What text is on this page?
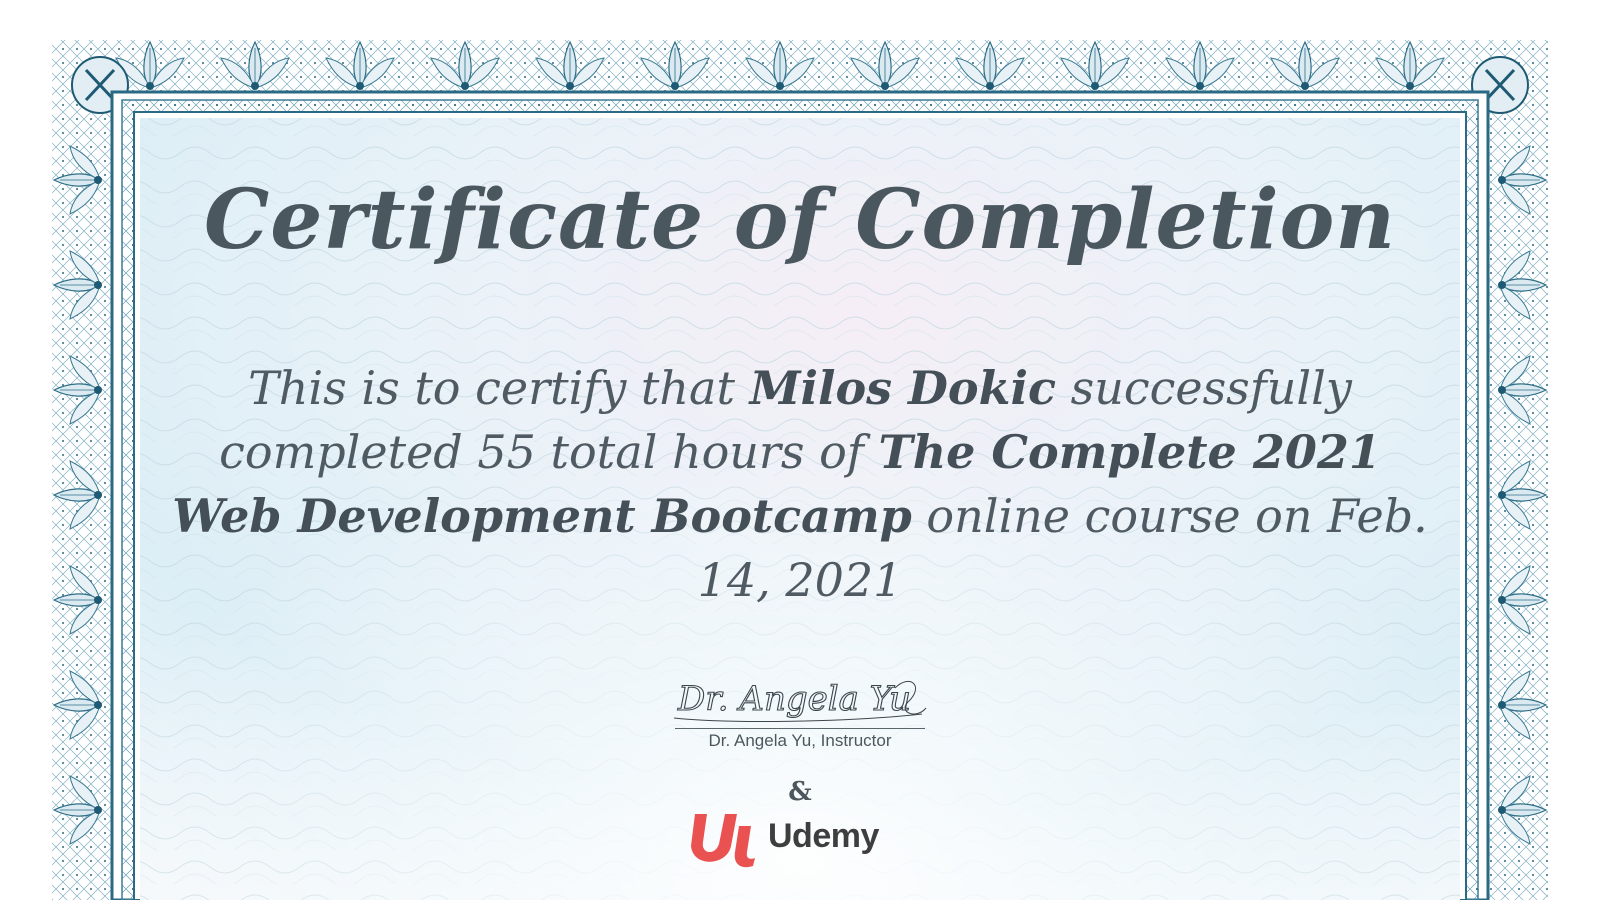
Certificate of Completion

This is to certify that Milos Dokic successfully completed 55 total hours of The Complete 2021 Web Development Bootcamp online course on Feb. 14, 2021

Dr. Angela Yu
Dr. Angela Yu, Instructor
&
Udemy
